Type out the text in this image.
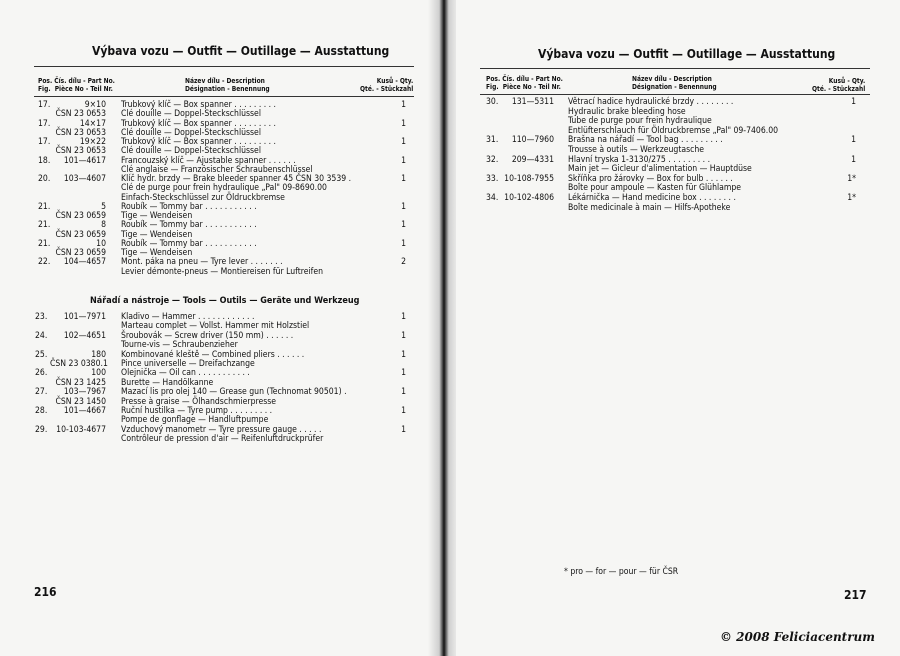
Výbava vozu — Outfit — Outillage — Ausstattung
Pos. Čís. dílu - Part No.
Fig.  Pièce No - Teil Nr.
Název dílu - Description
Désignation - Benennung
Kusů - Qty.
Qté. - Stückzahl
17.	9×10 Trubkový klíč — Box spanner . . . . . . . . .	1
ČSN 23 0653 Clé douille — Doppel-Steckschlüssel
17.	14×17 Trubkový klíč — Box spanner . . . . . . . . .	1
ČSN 23 0653 Clé douille — Doppel-Steckschlüssel
17.	19×22 Trubkový klíč — Box spanner . . . . . . . . .	1
ČSN 23 0653 Clé douille — Doppel-Steckschlüssel
18.	101—4617 Francouzský klíč — Ajustable spanner . . . . . .	1
Clé anglaise — Französischer Schraubenschlüssel
20.	103—4607 Klíč hydr. brzdy — Brake bleeder spanner 45 ČSN 30 3539 .	1
Clé de purge pour frein hydraulique „Pal" 09-8690.00
Einfach-Steckschlüssel zur Öldruckbremse
21.	5 Roubík — Tommy bar . . . . . . . . . . .	1
ČSN 23 0659 Tige — Wendeisen
21.	8 Roubík — Tommy bar . . . . . . . . . . .	1
ČSN 23 0659 Tige — Wendeisen
21.	10 Roubík — Tommy bar . . . . . . . . . . .	1
ČSN 23 0659 Tige — Wendeisen
22.	104—4657 Mont. páka na pneu — Tyre lever . . . . . . .	2
Levier démonte-pneus — Montiereisen für Luftreifen
Nářadí a nástroje — Tools — Outils — Geräte und Werkzeug
23.	101—7971 Kladivo — Hammer . . . . . . . . . . . .	1
Marteau complet — Vollst. Hammer mit Holzstiel
24.	102—4651 Šroubovák — Screw driver (150 mm) . . . . . .	1
Tourne-vis — Schraubenzieher
25.	180 Kombinované kleště — Combined pliers . . . . . .	1
ČSN 23 0380.1 Pince universelle — Dreifachzange
26.	100 Olejnička — Oil can . . . . . . . . . . .	1
ČSN 23 1425 Burette — Handölkanne
27.	103—7967 Mazací lis pro olej 140 — Grease gun (Technomat 90501) .	1
ČSN 23 1450 Presse à graise — Ölhandschmierpresse
28.	101—4667 Ruční hustilka — Tyre pump . . . . . . . . .	1
Pompe de gonflage — Handluftpumpe
29.	10-103-4677 Vzduchový manometr — Tyre pressure gauge . . . . .	1
Contrôleur de pression d'air — Reifenluftdruckprüfer
216
Výbava vozu — Outfit — Outillage — Ausstattung
Pos. Čís. dílu - Part No.
Fig.  Pièce No - Teil Nr.
Název dílu - Description
Désignation - Benennung
Kusů - Qty.
Qté. - Stückzahl
30.	131—5311 Větrací hadice hydraulické brzdy . . . . . . . .	1
Hydraulic brake bleeding hose
Tube de purge pour frein hydraulique
Entlüfterschlauch für Öldruckbremse „Pal" 09-7406.00
31.	110—7960 Brašna na nářadí — Tool bag . . . . . . . . .	1
Trousse à outils — Werkzeugtasche
32.	209—4331 Hlavní tryska 1-3130/275 . . . . . . . . .	1
Main jet — Gicleur d'alimentation — Hauptdüse
33. 10-108-7955 Skříňka pro žárovky — Box for bulb . . . . . .	1*
Boîte pour ampoule — Kasten für Glühlampe
34. 10-102-4806 Lékárnička — Hand medicine box . . . . . . . .	1*
Boîte medicinale à main — Hilfs-Apotheke
* pro — for — pour — für ČSR
217
© 2008 Feliciacentrum
